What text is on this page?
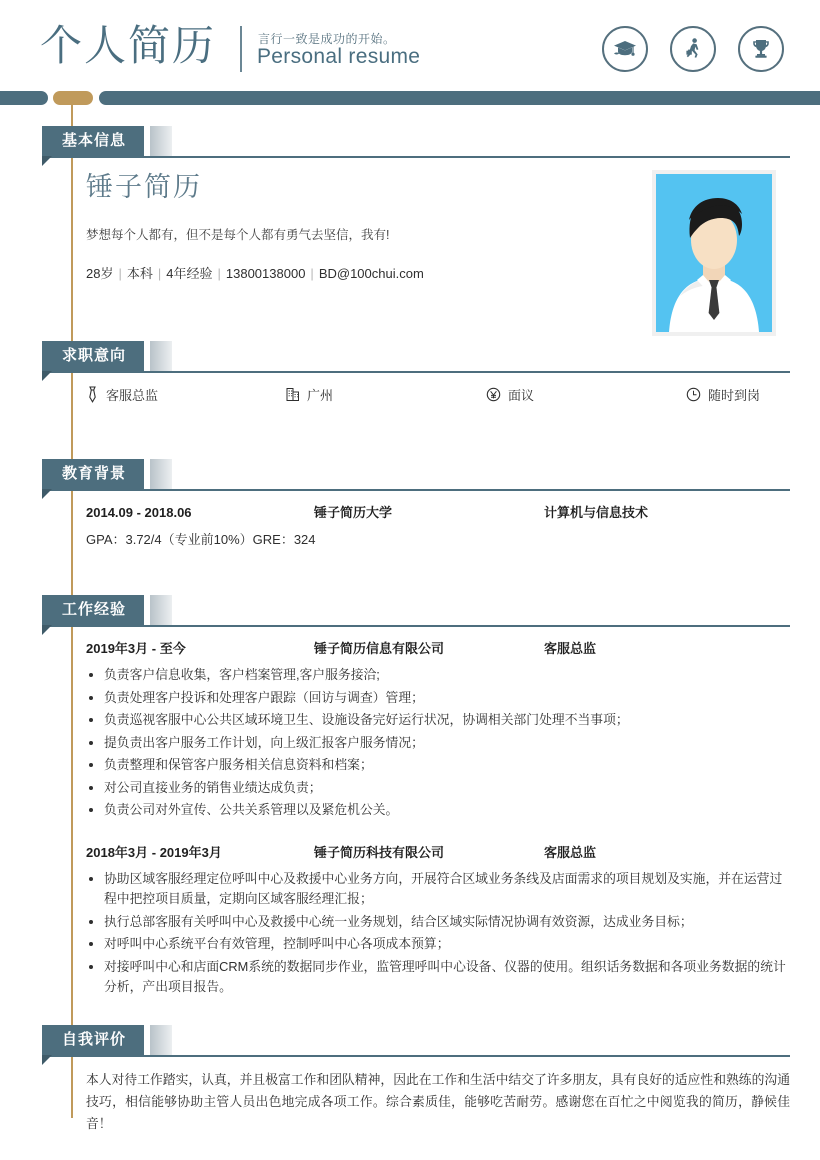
个人简历	言行一致是成功的开始。
Personal resume
基本信息
锤子简历
梦想每个人都有，但不是每个人都有勇气去坚信，我有!
28岁 | 本科 | 4年经验 | 13800138000 | BD@100chui.com
求职意向
客服总监	广州	面议	随时到岗
教育背景
2014.09 - 2018.06	锤子简历大学	计算机与信息技术
GPA：3.72/4（专业前10%）GRE：324
工作经验
2019年3月 - 至今	锤子简历信息有限公司	客服总监
负责客户信息收集，客户档案管理,客户服务接洽;
负责处理客户投诉和处理客户跟踪（回访与调查）管理；
负责巡视客服中心公共区域环境卫生、设施设备完好运行状况，协调相关部门处理不当事项；
提负责出客户服务工作计划，向上级汇报客户服务情况；
负责整理和保管客户服务相关信息资料和档案；
对公司直接业务的销售业绩达成负责；
负责公司对外宣传、公共关系管理以及紧危机公关。
2018年3月 - 2019年3月	锤子简历科技有限公司	客服总监
协助区域客服经理定位呼叫中心及救援中心业务方向，开展符合区域业务条线及店面需求的项目规划及实施，并在运营过程中把控项目质量，定期向区域客服经理汇报；
执行总部客服有关呼叫中心及救援中心统一业务规划，结合区域实际情况协调有效资源，达成业务目标；
对呼叫中心系统平台有效管理，控制呼叫中心各项成本预算；
对接呼叫中心和店面CRM系统的数据同步作业，监管理呼叫中心设备、仪器的使用。组织话务数据和各项业务数据的统计分析，产出项目报告。
自我评价

本人对待工作踏实，认真，并且极富工作和团队精神，因此在工作和生活中结交了许多朋友，具有良好的适应性和熟练的沟通技巧，相信能够协助主管人员出色地完成各项工作。综合素质佳，能够吃苦耐劳。感谢您在百忙之中阅览我的简历，静候佳音！
